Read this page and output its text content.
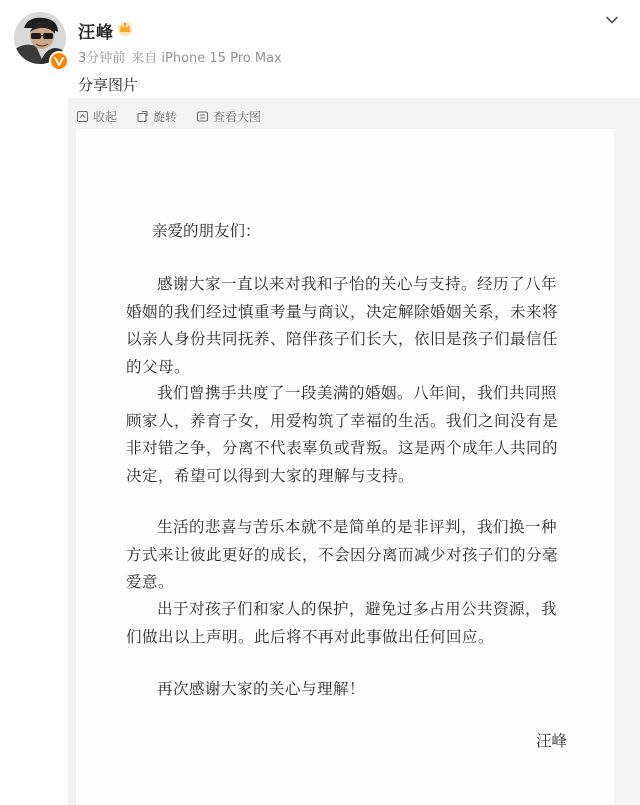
汪峰
3分钟前 来自 iPhone 15 Pro Max
分享图片
收起	旋转	查看大图
亲爱的朋友们：
感谢大家一直以来对我和子怡的关心与支持。经历了八年婚姻的我们经过慎重考量与商议，决定解除婚姻关系，未来将以亲人身份共同抚养、陪伴孩子们长大，依旧是孩子们最信任的父母。
我们曾携手共度了一段美满的婚姻。八年间，我们共同照顾家人，养育子女，用爱构筑了幸福的生活。我们之间没有是非对错之争，分离不代表辜负或背叛。这是两个成年人共同的决定，希望可以得到大家的理解与支持。
生活的悲喜与苦乐本就不是简单的是非评判，我们换一种方式来让彼此更好的成长，不会因分离而减少对孩子们的分毫爱意。
出于对孩子们和家人的保护，避免过多占用公共资源，我们做出以上声明。此后将不再对此事做出任何回应。
再次感谢大家的关心与理解！
汪峰
